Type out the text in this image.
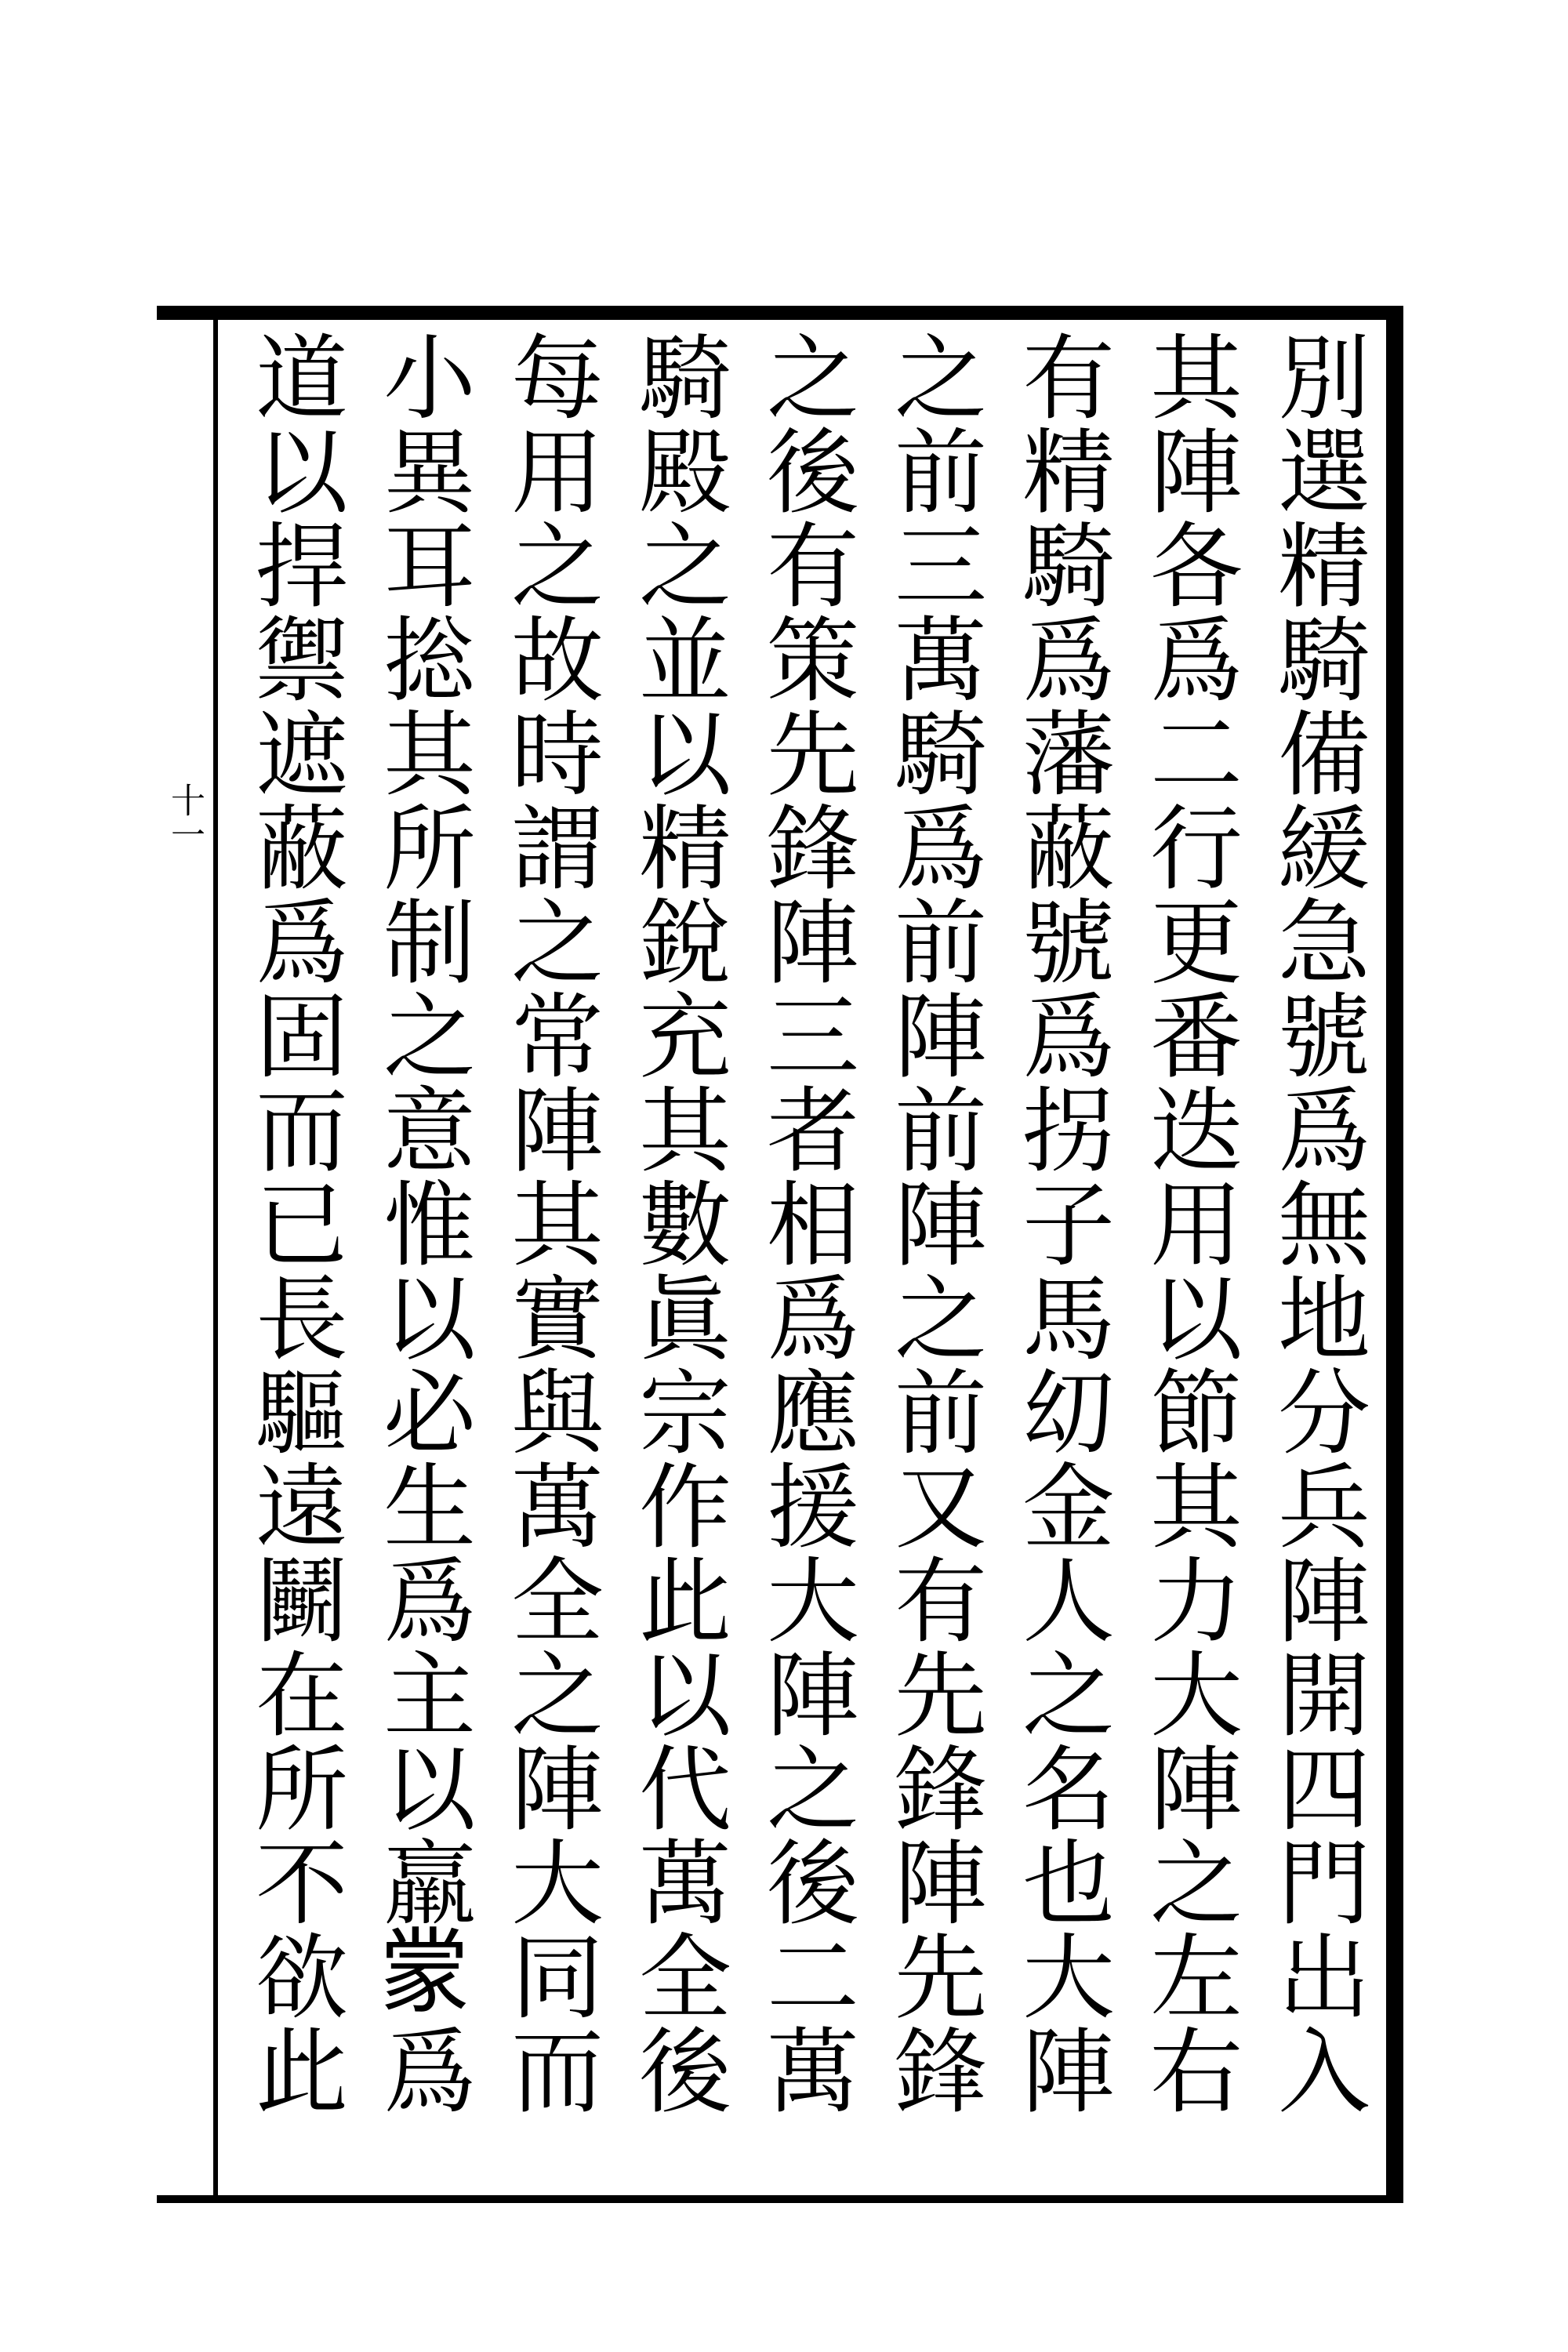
十一	別選精騎備緩急號爲無地分兵陣開四門出入
其陣各爲二行更番迭用以節其力大陣之左右
有精騎爲藩蔽號爲拐子馬㓜金人之名也大陣
之前三萬騎爲前陣前陣之前又有先鋒陣先鋒
之後有策先鋒陣三者相爲應援大陣之後二萬
騎殿之並以精銳充其數眞宗作此以代萬全後
每用之故時謂之常陣其實與萬全之陣大同而
小異耳捴其所制之意惟以必生爲主以羸𫎇爲
道以捍禦遮蔽爲固而已長驅遠鬭在所不欲此
